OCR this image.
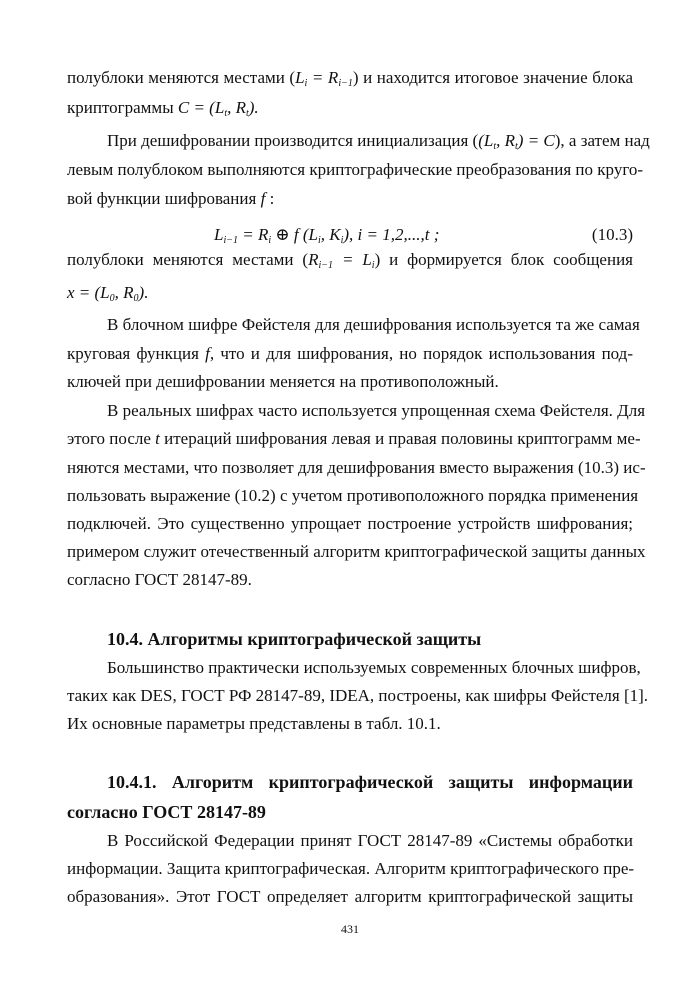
полублоки меняются местами $(L_i = R_{i-1})$ и находится итоговое значение блока
криптограммы $C = (L_t$, $R_t$).
При дешифровании производится инициализация (($L_t$, $R_t) = C$), а затем над
левым полублоком выполняются криптографические преобразования по круго-
вой функции шифрования f :
$L_{i-1} = R_i$ ⊕ f ($L_i$, $K_i$), i = 1,2,...,t ;	(10.3)
полублоки меняются местами $(R_{i-1} = L_i)$ и формируется блок сообщения
$x = (L_0$, $R_0$).
В блочном шифре Фейстеля для дешифрования используется та же самая
круговая функция f, что и для шифрования, но порядок использования под-
ключей при дешифровании меняется на противоположный.
В реальных шифрах часто используется упрощенная схема Фейстеля. Для
этого после t итераций шифрования левая и правая половины криптограмм ме-
няются местами, что позволяет для дешифрования вместо выражения (10.3) ис-
пользовать выражение (10.2) с учетом противоположного порядка применения
подключей. Это существенно упрощает построение устройств шифрования;
примером служит отечественный алгоритм криптографической защиты данных
согласно ГОСТ 28147-89.
10.4. Алгоритмы криптографической защиты
Большинство практически используемых современных блочных шифров,
таких как DES, ГОСТ РФ 28147-89, IDEA, построены, как шифры Фейстеля [1].
Их основные параметры представлены в табл. 10.1.
10.4.1. Алгоритм криптографической защиты информации
согласно ГОСТ 28147-89
В Российской Федерации принят ГОСТ 28147-89 «Системы обработки
информации. Защита криптографическая. Алгоритм криптографического пре-
образования». Этот ГОСТ определяет алгоритм криптографической защиты
431
